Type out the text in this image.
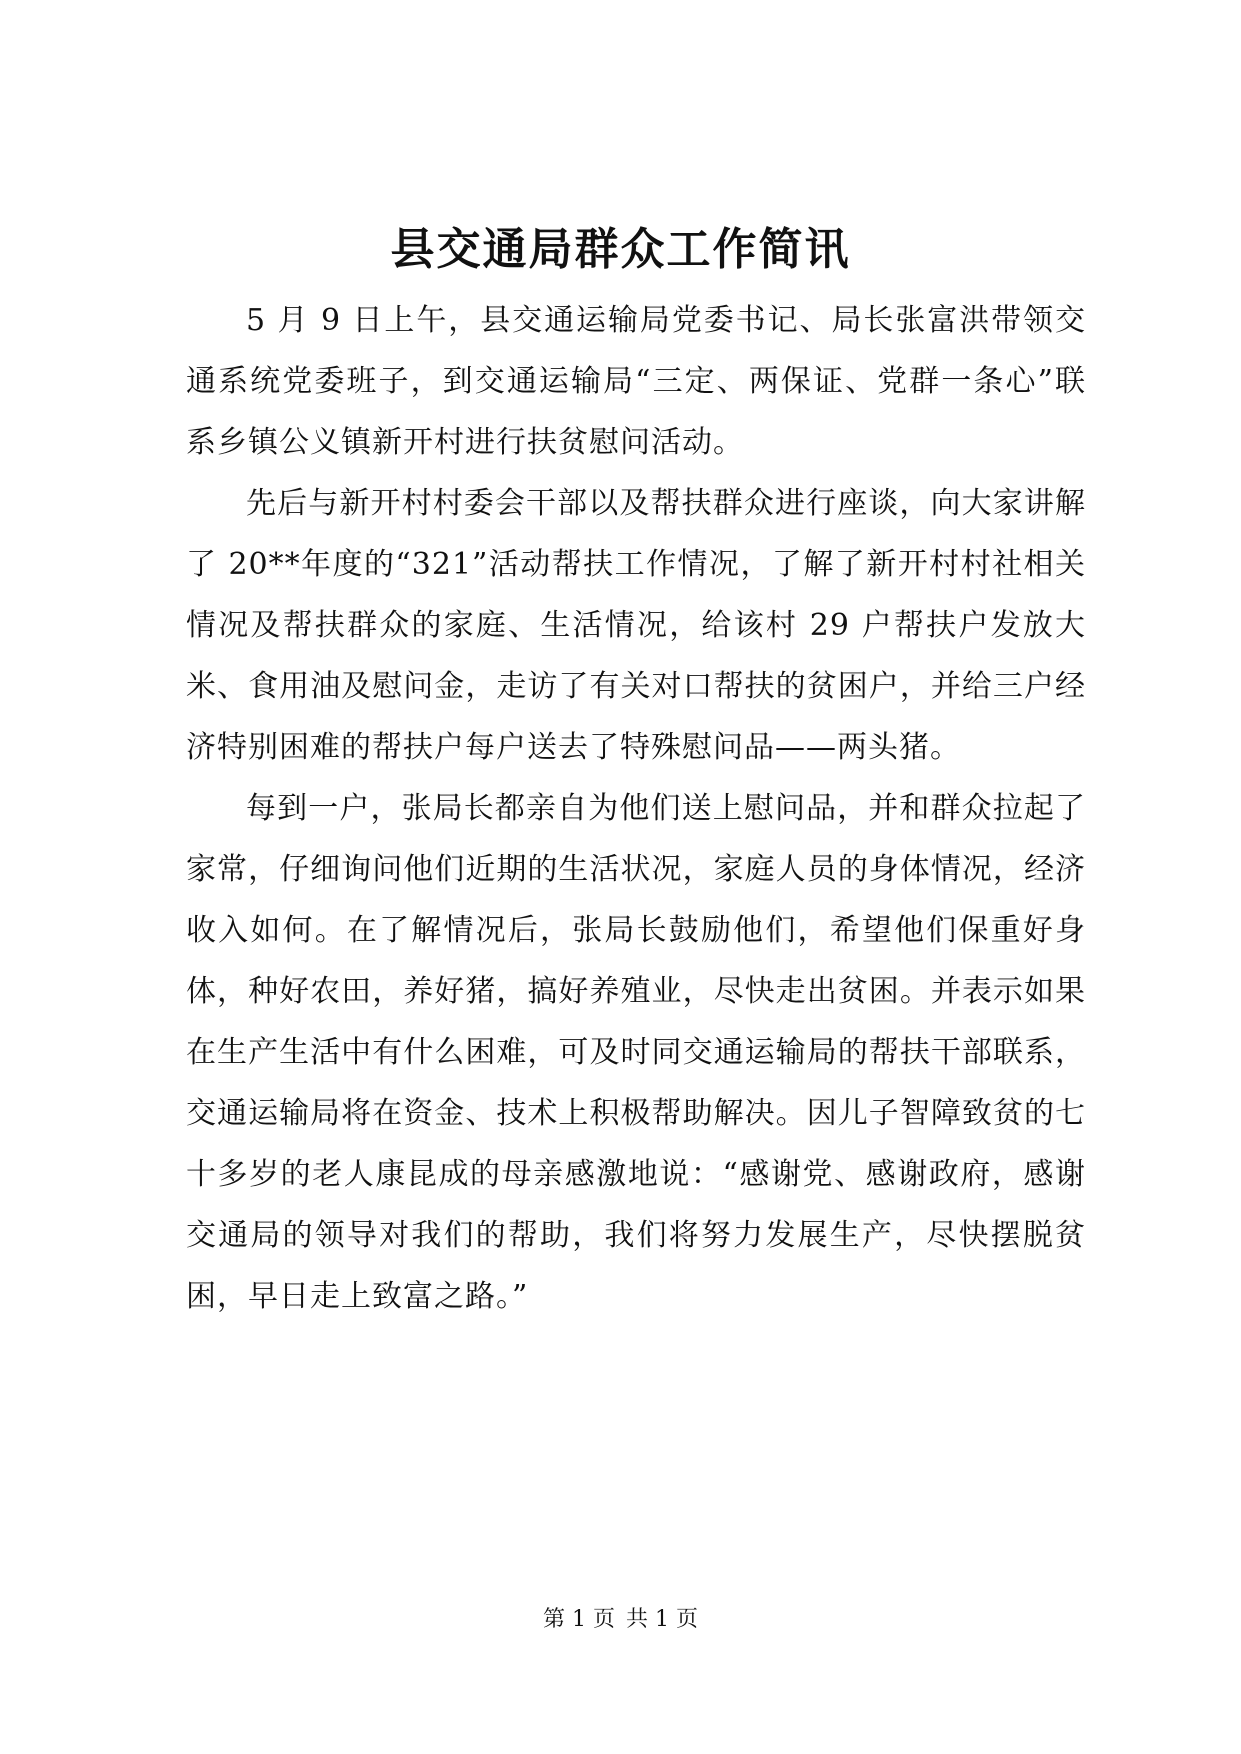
县交通局群众工作简讯

5 月 9 日上午，县交通运输局党委书记、局长张富洪带领交通系统党委班子，到交通运输局“三定、两保证、党群一条心”联系乡镇公义镇新开村进行扶贫慰问活动。

先后与新开村村委会干部以及帮扶群众进行座谈，向大家讲解了 20**年度的“321”活动帮扶工作情况，了解了新开村村社相关情况及帮扶群众的家庭、生活情况，给该村 29 户帮扶户发放大米、食用油及慰问金，走访了有关对口帮扶的贫困户，并给三户经济特别困难的帮扶户每户送去了特殊慰问品——两头猪。

每到一户，张局长都亲自为他们送上慰问品，并和群众拉起了家常，仔细询问他们近期的生活状况，家庭人员的身体情况，经济收入如何。在了解情况后，张局长鼓励他们，希望他们保重好身体，种好农田，养好猪，搞好养殖业，尽快走出贫困。并表示如果在生产生活中有什么困难，可及时同交通运输局的帮扶干部联系，交通运输局将在资金、技术上积极帮助解决。因儿子智障致贫的七十多岁的老人康昆成的母亲感激地说：“感谢党、感谢政府，感谢交通局的领导对我们的帮助，我们将努力发展生产，尽快摆脱贫困，早日走上致富之路。”

第 1 页 共 1 页
